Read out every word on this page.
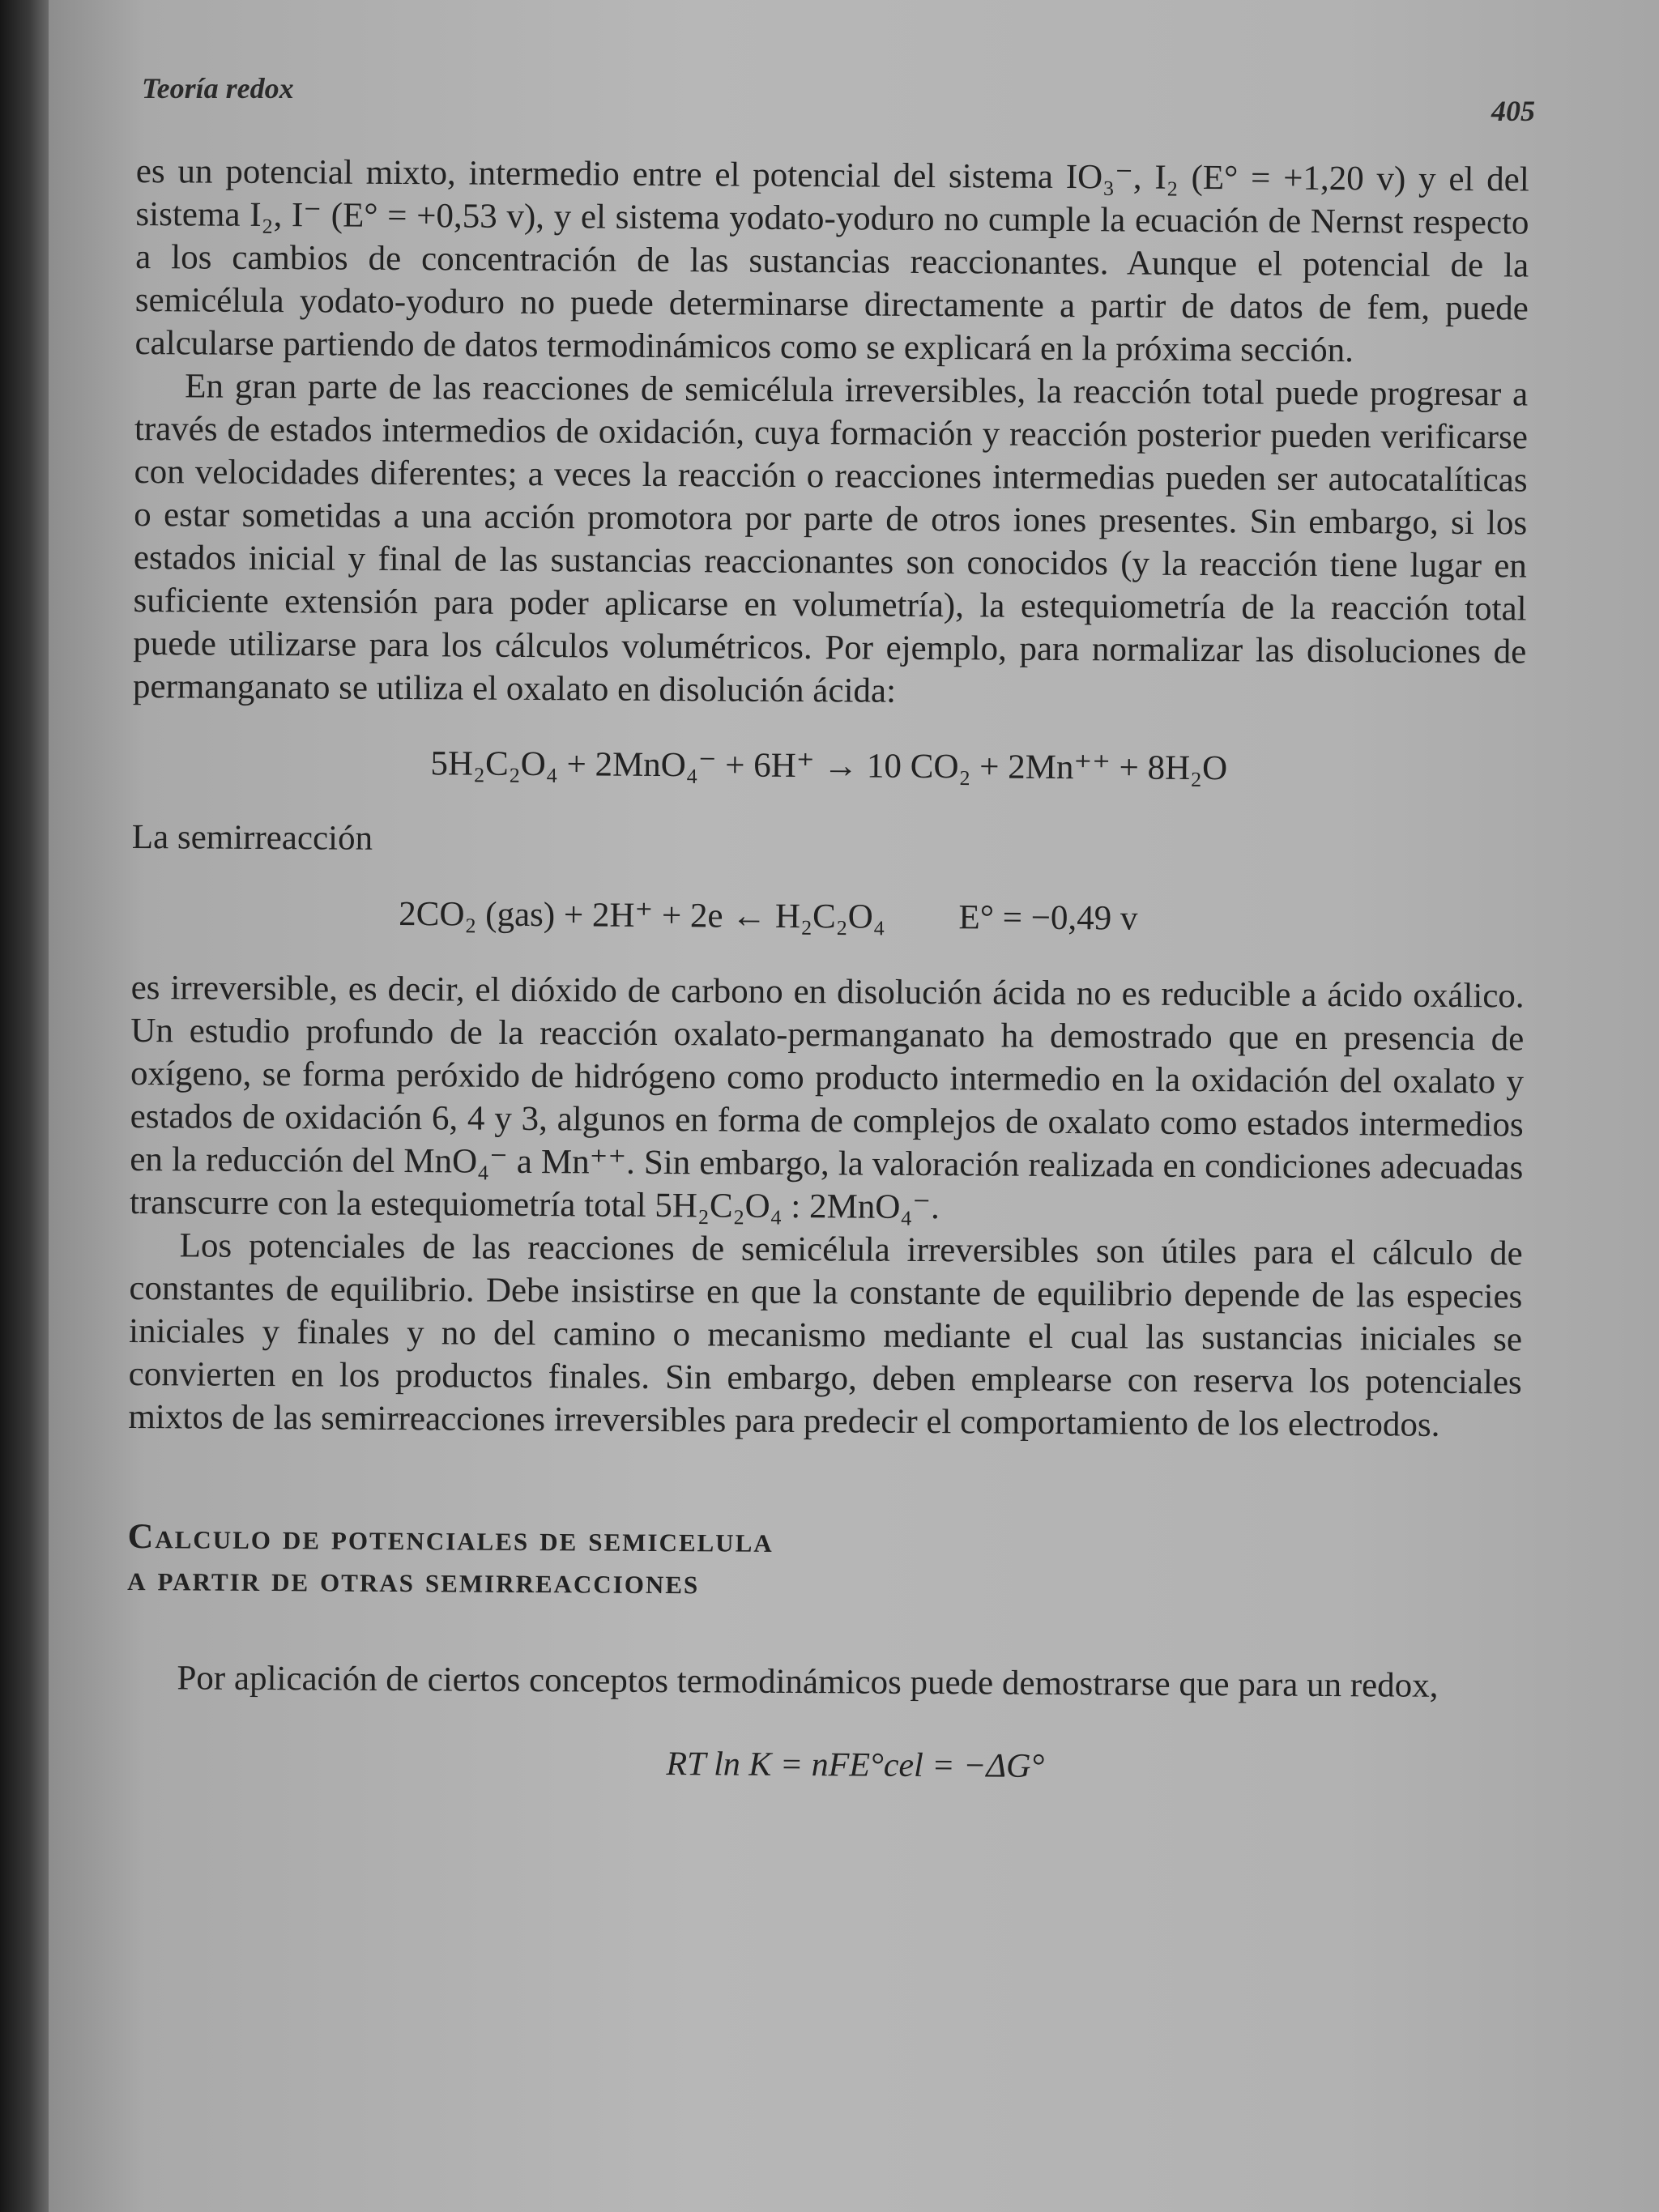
Teoría redox
405

es un potencial mixto, intermedio entre el potencial del sistema IO₃⁻, I₂ (E° = +1,20 v) y el del sistema I₂, I⁻ (E° = +0,53 v), y el sistema yodato-yoduro no cumple la ecuación de Nernst respecto a los cambios de concentración de las sustancias reaccionantes. Aunque el potencial de la semicélula yodato-yoduro no puede determinarse directamente a partir de datos de fem, puede calcularse partiendo de datos termodinámicos como se explicará en la próxima sección.

En gran parte de las reacciones de semicélula irreversibles, la reacción total puede progresar a través de estados intermedios de oxidación, cuya formación y reacción posterior pueden verificarse con velocidades diferentes; a veces la reacción o reacciones intermedias pueden ser autocatalíticas o estar sometidas a una acción promotora por parte de otros iones presentes. Sin embargo, si los estados inicial y final de las sustancias reaccionantes son conocidos (y la reacción tiene lugar en suficiente extensión para poder aplicarse en volumetría), la estequiometría de la reacción total puede utilizarse para los cálculos volumétricos. Por ejemplo, para normalizar las disoluciones de permanganato se utiliza el oxalato en disolución ácida:

5H₂C₂O₄ + 2MnO₄⁻ + 6H⁺ → 10 CO₂ + 2Mn⁺⁺ + 8H₂O

La semirreacción

2CO₂ (gas) + 2H⁺ + 2e ← H₂C₂O₄ E° = −0,49 v

es irreversible, es decir, el dióxido de carbono en disolución ácida no es reducible a ácido oxálico. Un estudio profundo de la reacción oxalato-permanganato ha demostrado que en presencia de oxígeno, se forma peróxido de hidrógeno como producto intermedio en la oxidación del oxalato y estados de oxidación 6, 4 y 3, algunos en forma de complejos de oxalato como estados intermedios en la reducción del MnO₄⁻ a Mn⁺⁺. Sin embargo, la valoración realizada en condiciones adecuadas transcurre con la estequiometría total 5H₂C₂O₄ : 2MnO₄⁻.

Los potenciales de las reacciones de semicélula irreversibles son útiles para el cálculo de constantes de equilibrio. Debe insistirse en que la constante de equilibrio depende de las especies iniciales y finales y no del camino o mecanismo mediante el cual las sustancias iniciales se convierten en los productos finales. Sin embargo, deben emplearse con reserva los potenciales mixtos de las semirreacciones irreversibles para predecir el comportamiento de los electrodos.

Calculo de potenciales de semicelula
a partir de otras semirreacciones

Por aplicación de ciertos conceptos termodinámicos puede demostrarse que para un redox,

RT ln K = nFE°cel = −ΔG°
